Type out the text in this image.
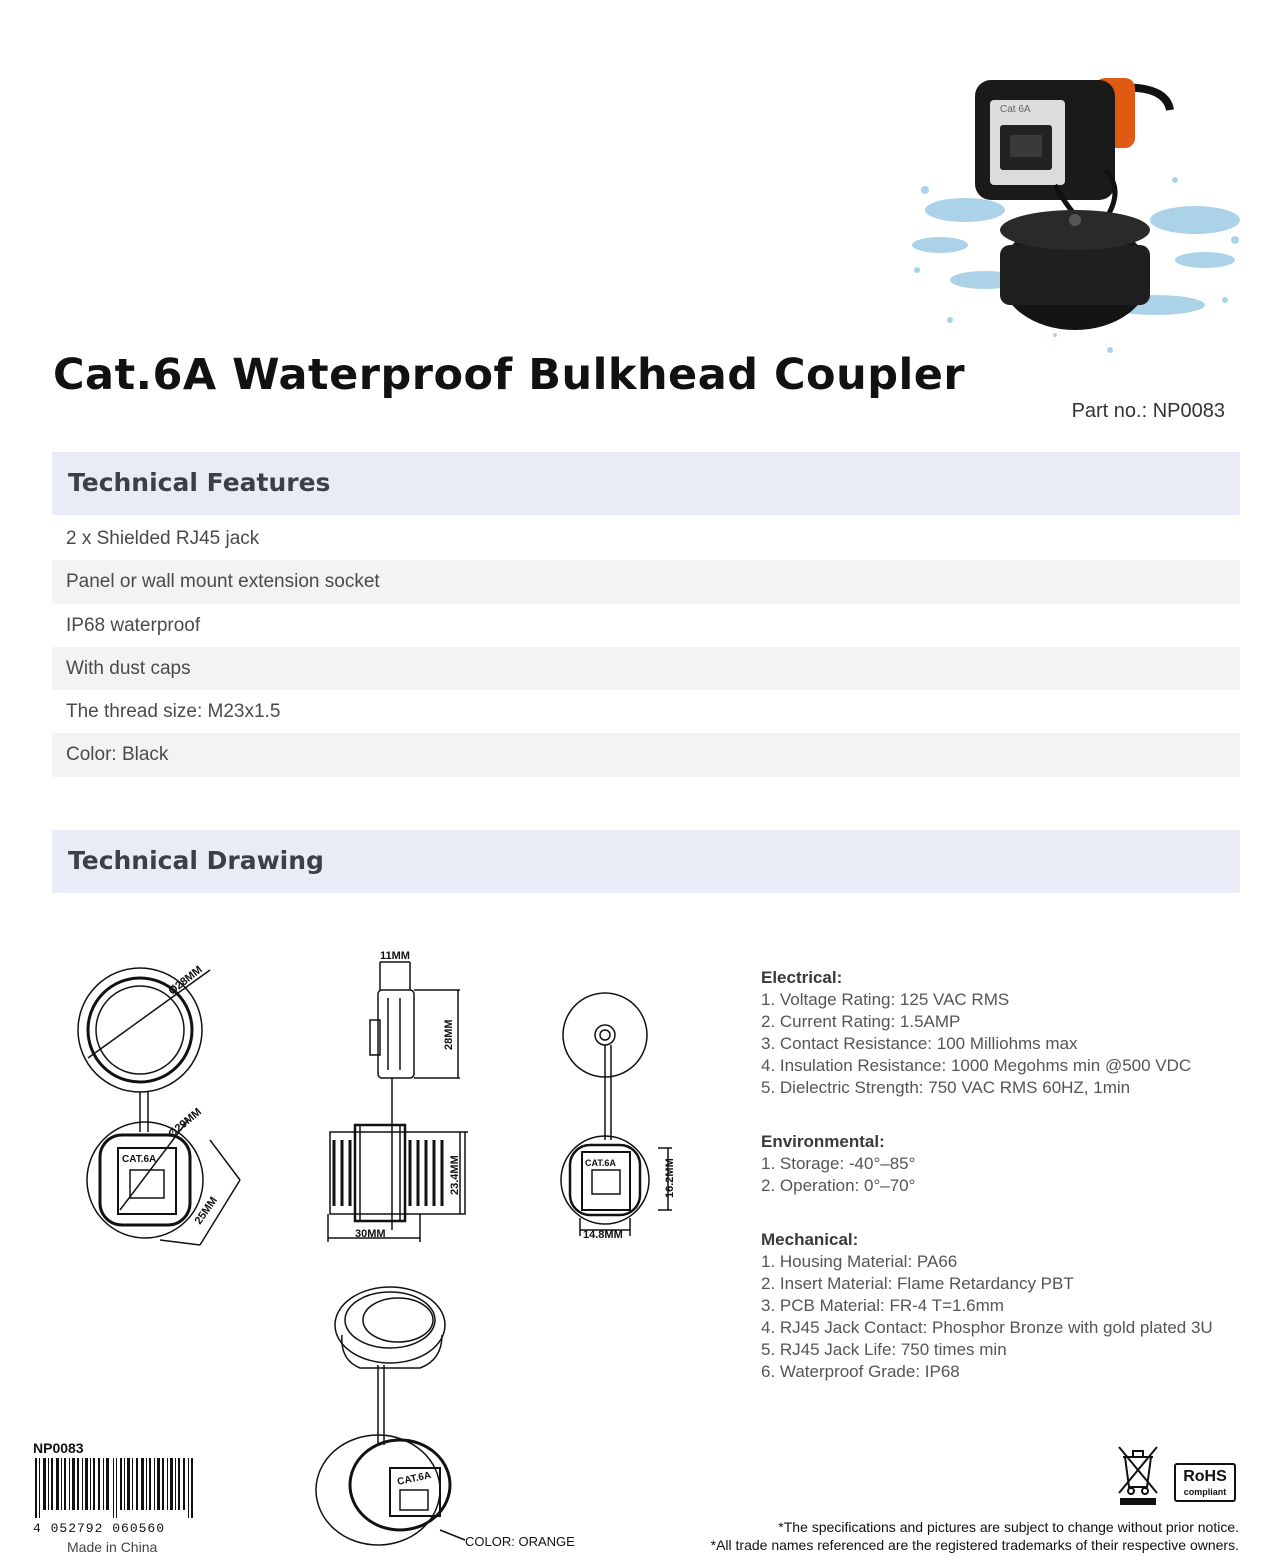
Cat 6A
Cat.6A Waterproof Bulkhead Coupler
Part no.: NP0083
Technical Features
2 x Shielded RJ45 jack
Panel or wall mount extension socket
IP68 waterproof
With dust caps
The thread size: M23x1.5
Color: Black
Technical Drawing
Ø28MM
Ø29MM
25MM
11MM
28MM
23.4MM
30MM
16.2MM
14.8MM
CAT.6A	CAT.6A
CAT.6A
COLOR: ORANGE
Electrical:
1. Voltage Rating: 125 VAC RMS
2. Current Rating: 1.5AMP
3. Contact Resistance: 100 Milliohms max
4. Insulation Resistance: 1000 Megohms min @500 VDC
5. Dielectric Strength: 750 VAC RMS 60HZ, 1min
Environmental:
1. Storage: -40°–85°
2. Operation: 0°–70°
Mechanical:
1. Housing Material: PA66
2. Insert Material: Flame Retardancy PBT
3. PCB Material: FR-4 T=1.6mm
4. RJ45 Jack Contact: Phosphor Bronze with gold plated 3U
5. RJ45 Jack Life: 750 times min
6. Waterproof Grade: IP68
NP0083
4 052792 060560
Made in China
RoHS
compliant
*The specifications and pictures are subject to change without prior notice.
*All trade names referenced are the registered trademarks of their respective owners.
